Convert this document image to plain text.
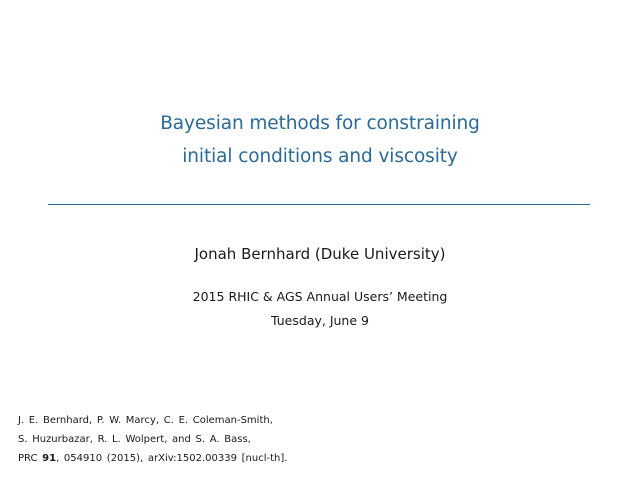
Bayesian methods for constraining
initial conditions and viscosity
Jonah Bernhard (Duke University)
2015 RHIC & AGS Annual Users’ Meeting
Tuesday, June 9
J. E. Bernhard, P. W. Marcy, C. E. Coleman-Smith,
S. Huzurbazar, R. L. Wolpert, and S. A. Bass,
PRC 91, 054910 (2015), arXiv:1502.00339 [nucl-th].
